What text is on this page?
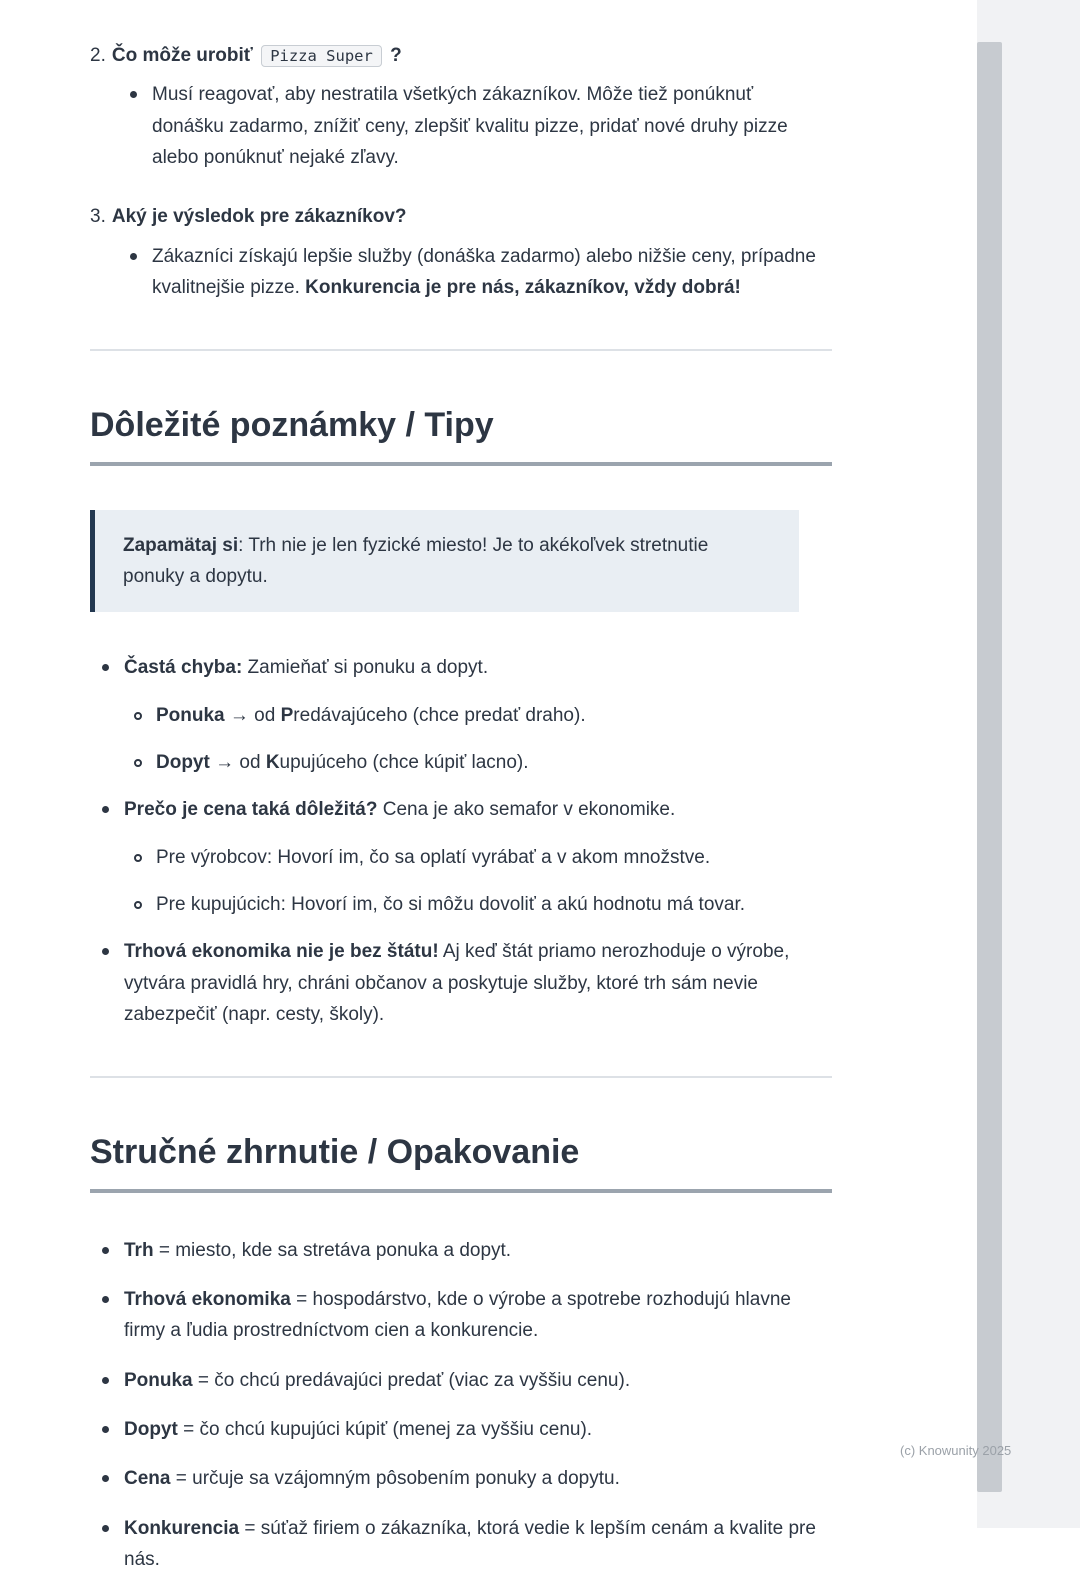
2. Čo môže urobiť Pizza Super ?
Musí reagovať, aby nestratila všetkých zákazníkov. Môže tiež ponúknuť donášku zadarmo, znížiť ceny, zlepšiť kvalitu pizze, pridať nové druhy pizze alebo ponúknuť nejaké zľavy.
3. Aký je výsledok pre zákazníkov?
Zákazníci získajú lepšie služby (donáška zadarmo) alebo nižšie ceny, prípadne kvalitnejšie pizze. Konkurencia je pre nás, zákazníkov, vždy dobrá!
Dôležité poznámky / Tipy
Zapamätaj si: Trh nie je len fyzické miesto! Je to akékoľvek stretnutie ponuky a dopytu.
Častá chyba: Zamieňať si ponuku a dopyt.
Ponuka → od Predávajúceho (chce predať draho).
Dopyt → od Kupujúceho (chce kúpiť lacno).
Prečo je cena taká dôležitá? Cena je ako semafor v ekonomike.
Pre výrobcov: Hovorí im, čo sa oplatí vyrábať a v akom množstve.
Pre kupujúcich: Hovorí im, čo si môžu dovoliť a akú hodnotu má tovar.
Trhová ekonomika nie je bez štátu! Aj keď štát priamo nerozhoduje o výrobe, vytvára pravidlá hry, chráni občanov a poskytuje služby, ktoré trh sám nevie zabezpečiť (napr. cesty, školy).
Stručné zhrnutie / Opakovanie
Trh = miesto, kde sa stretáva ponuka a dopyt.
Trhová ekonomika = hospodárstvo, kde o výrobe a spotrebe rozhodujú hlavne firmy a ľudia prostredníctvom cien a konkurencie.
Ponuka = čo chcú predávajúci predať (viac za vyššiu cenu).
Dopyt = čo chcú kupujúci kúpiť (menej za vyššiu cenu).
Cena = určuje sa vzájomným pôsobením ponuky a dopytu.
Konkurencia = súťaž firiem o zákazníka, ktorá vedie k lepším cenám a kvalite pre nás.
(c) Knowunity 2025
